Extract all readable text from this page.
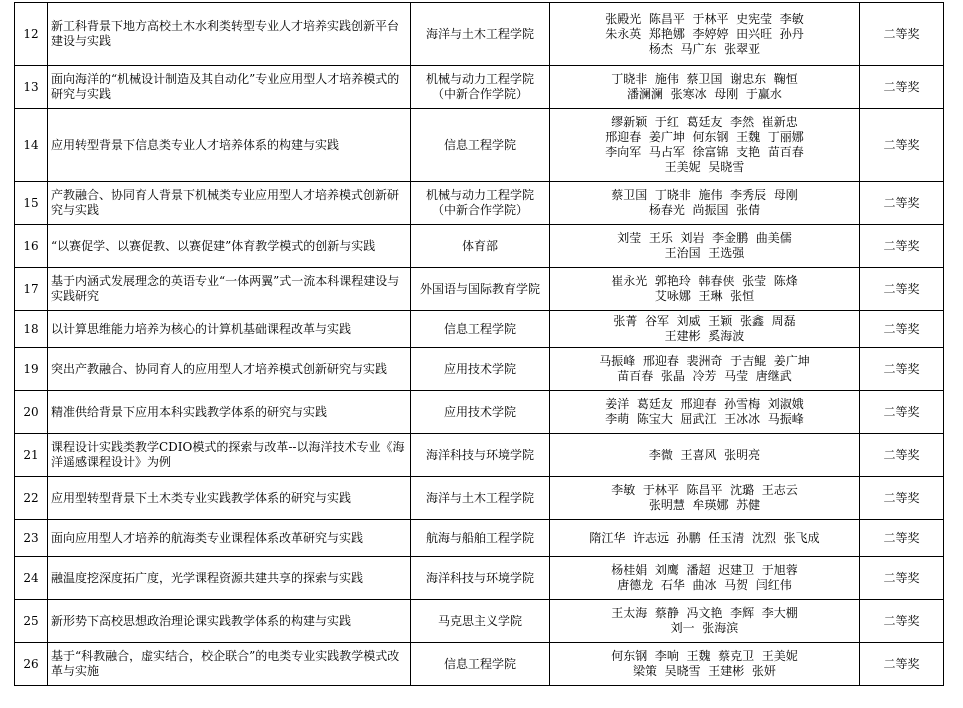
12	新工科背景下地方高校土木水利类转型专业人才培养实践创新平台建设与实践	海洋与土木工程学院	张殿光  陈昌平  于林平  史宪莹  李敏
朱永英  郑艳娜  李婷婷  田兴旺  孙丹
杨杰  马广东  张翠亚	二等奖
13	面向海洋的“机械设计制造及其自动化”专业应用型人才培养模式的研究与实践	机械与动力工程学院
（中新合作学院）	丁晓非  施伟  蔡卫国  谢忠东  鞠恒
潘澜澜  张寒冰  母刚  于赢水	二等奖
14	应用转型背景下信息类专业人才培养体系的构建与实践	信息工程学院	缪新颖  于红  葛廷友  李然  崔新忠
邢迎春  姜广坤  何东钢  王魏  丁丽娜
李向军  马占军  徐富锦  支艳  苗百春
王美妮  吴晓雪	二等奖
15	产教融合、协同育人背景下机械类专业应用型人才培养模式创新研究与实践	机械与动力工程学院
（中新合作学院）	蔡卫国  丁晓非  施伟  李秀辰  母刚
杨春光  尚振国  张倩	二等奖
16	“以赛促学、以赛促教、以赛促建”体育教学模式的创新与实践	体育部	刘莹  王乐  刘岩  李金鹏  曲美儒
王治国  王选强	二等奖
17	基于内涵式发展理念的英语专业“一体两翼”式一流本科课程建设与实践研究	外国语与国际教育学院	崔永光  郭艳玲  韩春侠  张莹  陈烽
艾咏娜  王琳  张恒	二等奖
18	以计算思维能力培养为核心的计算机基础课程改革与实践	信息工程学院	张菁  谷军  刘威  王颖  张鑫  周磊
王建彬  奚海波	二等奖
19	突出产教融合、协同育人的应用型人才培养模式创新研究与实践	应用技术学院	马振峰  邢迎春  裴洲奇  于吉鲲  姜广坤
苗百春  张晶  冷芳  马莹  唐继武	二等奖
20	精准供给背景下应用本科实践教学体系的研究与实践	应用技术学院	姜洋  葛廷友  邢迎春  孙雪梅  刘淑娥
李萌  陈宝大  屈武江  王冰冰  马振峰	二等奖
21	课程设计实践类教学CDIO模式的探索与改革--以海洋技术专业《海洋遥感课程设计》为例	海洋科技与环境学院	李微  王喜风  张明亮	二等奖
22	应用型转型背景下土木类专业实践教学体系的研究与实践	海洋与土木工程学院	李敏  于林平  陈昌平  沈璐  王志云
张明慧  牟瑛娜  苏健	二等奖
23	面向应用型人才培养的航海类专业课程体系改革研究与实践	航海与船舶工程学院	隋江华  许志远  孙鹏  任玉清  沈烈  张飞成	二等奖
24	融温度挖深度拓广度，光学课程资源共建共享的探索与实践	海洋科技与环境学院	杨桂娟  刘鹰  潘超  迟建卫  于旭蓉
唐德龙  石华  曲冰  马贺  闫红伟	二等奖
25	新形势下高校思想政治理论课实践教学体系的构建与实践	马克思主义学院	王太海  蔡静  冯文艳  李辉  李大棚
刘一  张海滨	二等奖
26	基于“科教融合，虚实结合，校企联合”的电类专业实践教学模式改革与实施	信息工程学院	何东钢  李响  王魏  蔡克卫  王美妮
梁策  吴晓雪  王建彬  张妍	二等奖
